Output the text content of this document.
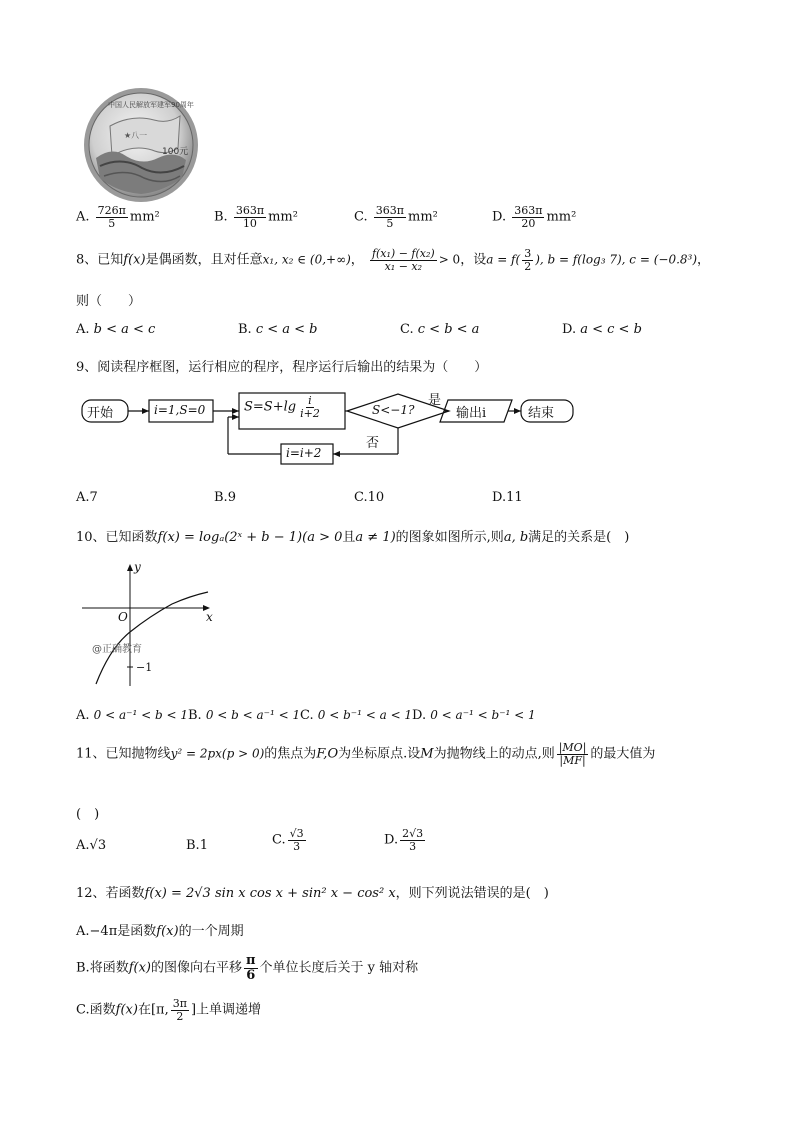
★八一
中国人民解放军建军90周年
100元
A. $\frac{726\pi}{5} mm^2$	B. $\frac{363\pi}{10} mm^2$	C. $\frac{363\pi}{5} mm^2$	D. $\frac{363\pi}{20} mm^2$
8、已知f(x)是偶函数，且对任意x₁, x₂ ∈ (0,+∞)， $\frac{\text{f(x₁) − f(x₂)}}{\text{x₁ − x₂}} > 0$，设$a = f( \frac{3}{2}$ ), b = f(log₃ 7), c = (−0.8³)，
则（　　）
A. b < a < c	B. c < a < b	C. c < b < a	D. a < c < b
9、阅读程序框图，运行相应的程序，程序运行后输出的结果为（　　）
开始	i=1,S=0	$S=S+\lg \frac{i}{i+2}$	S<−1?
是
输出i	结束
否
i=i+2
A.7	B.9	C.10	D.11
10、已知函数f(x) = logₐ(2ˣ + b − 1)(a > 0且a ≠ 1)的图象如图所示,则a, b满足的关系是(　)
y
x
O
@正确教育
−1
A. 0 < a⁻¹ < b < 1 B. 0 < b < a⁻¹ < 1 C. 0 < b⁻¹ < a < 1 D. 0 < a⁻¹ < b⁻¹ < 1
11、已知抛物线y² = 2px(p > 0)的焦点为F,O为坐标原点.设M为抛物线上的动点,则 $\frac{|MO|}{|MF|}$ 的最大值为
(　)
A.√3	B.1	C. $\frac{√3}{3}$	D. $\frac{2√3}{3}$
12、若函数f(x) = 2√3 sin x cos x + sin² x − cos² x，则下列说法错误的是(　)
A.−4π是函数f(x)的一个周期
B.将函数f(x)的图像向右平移 $\frac{\pi}{6}$ 个单位长度后关于 y 轴对称
C.函数f(x)在[π, $\frac{3\pi}{2}$ ]上单调递增
